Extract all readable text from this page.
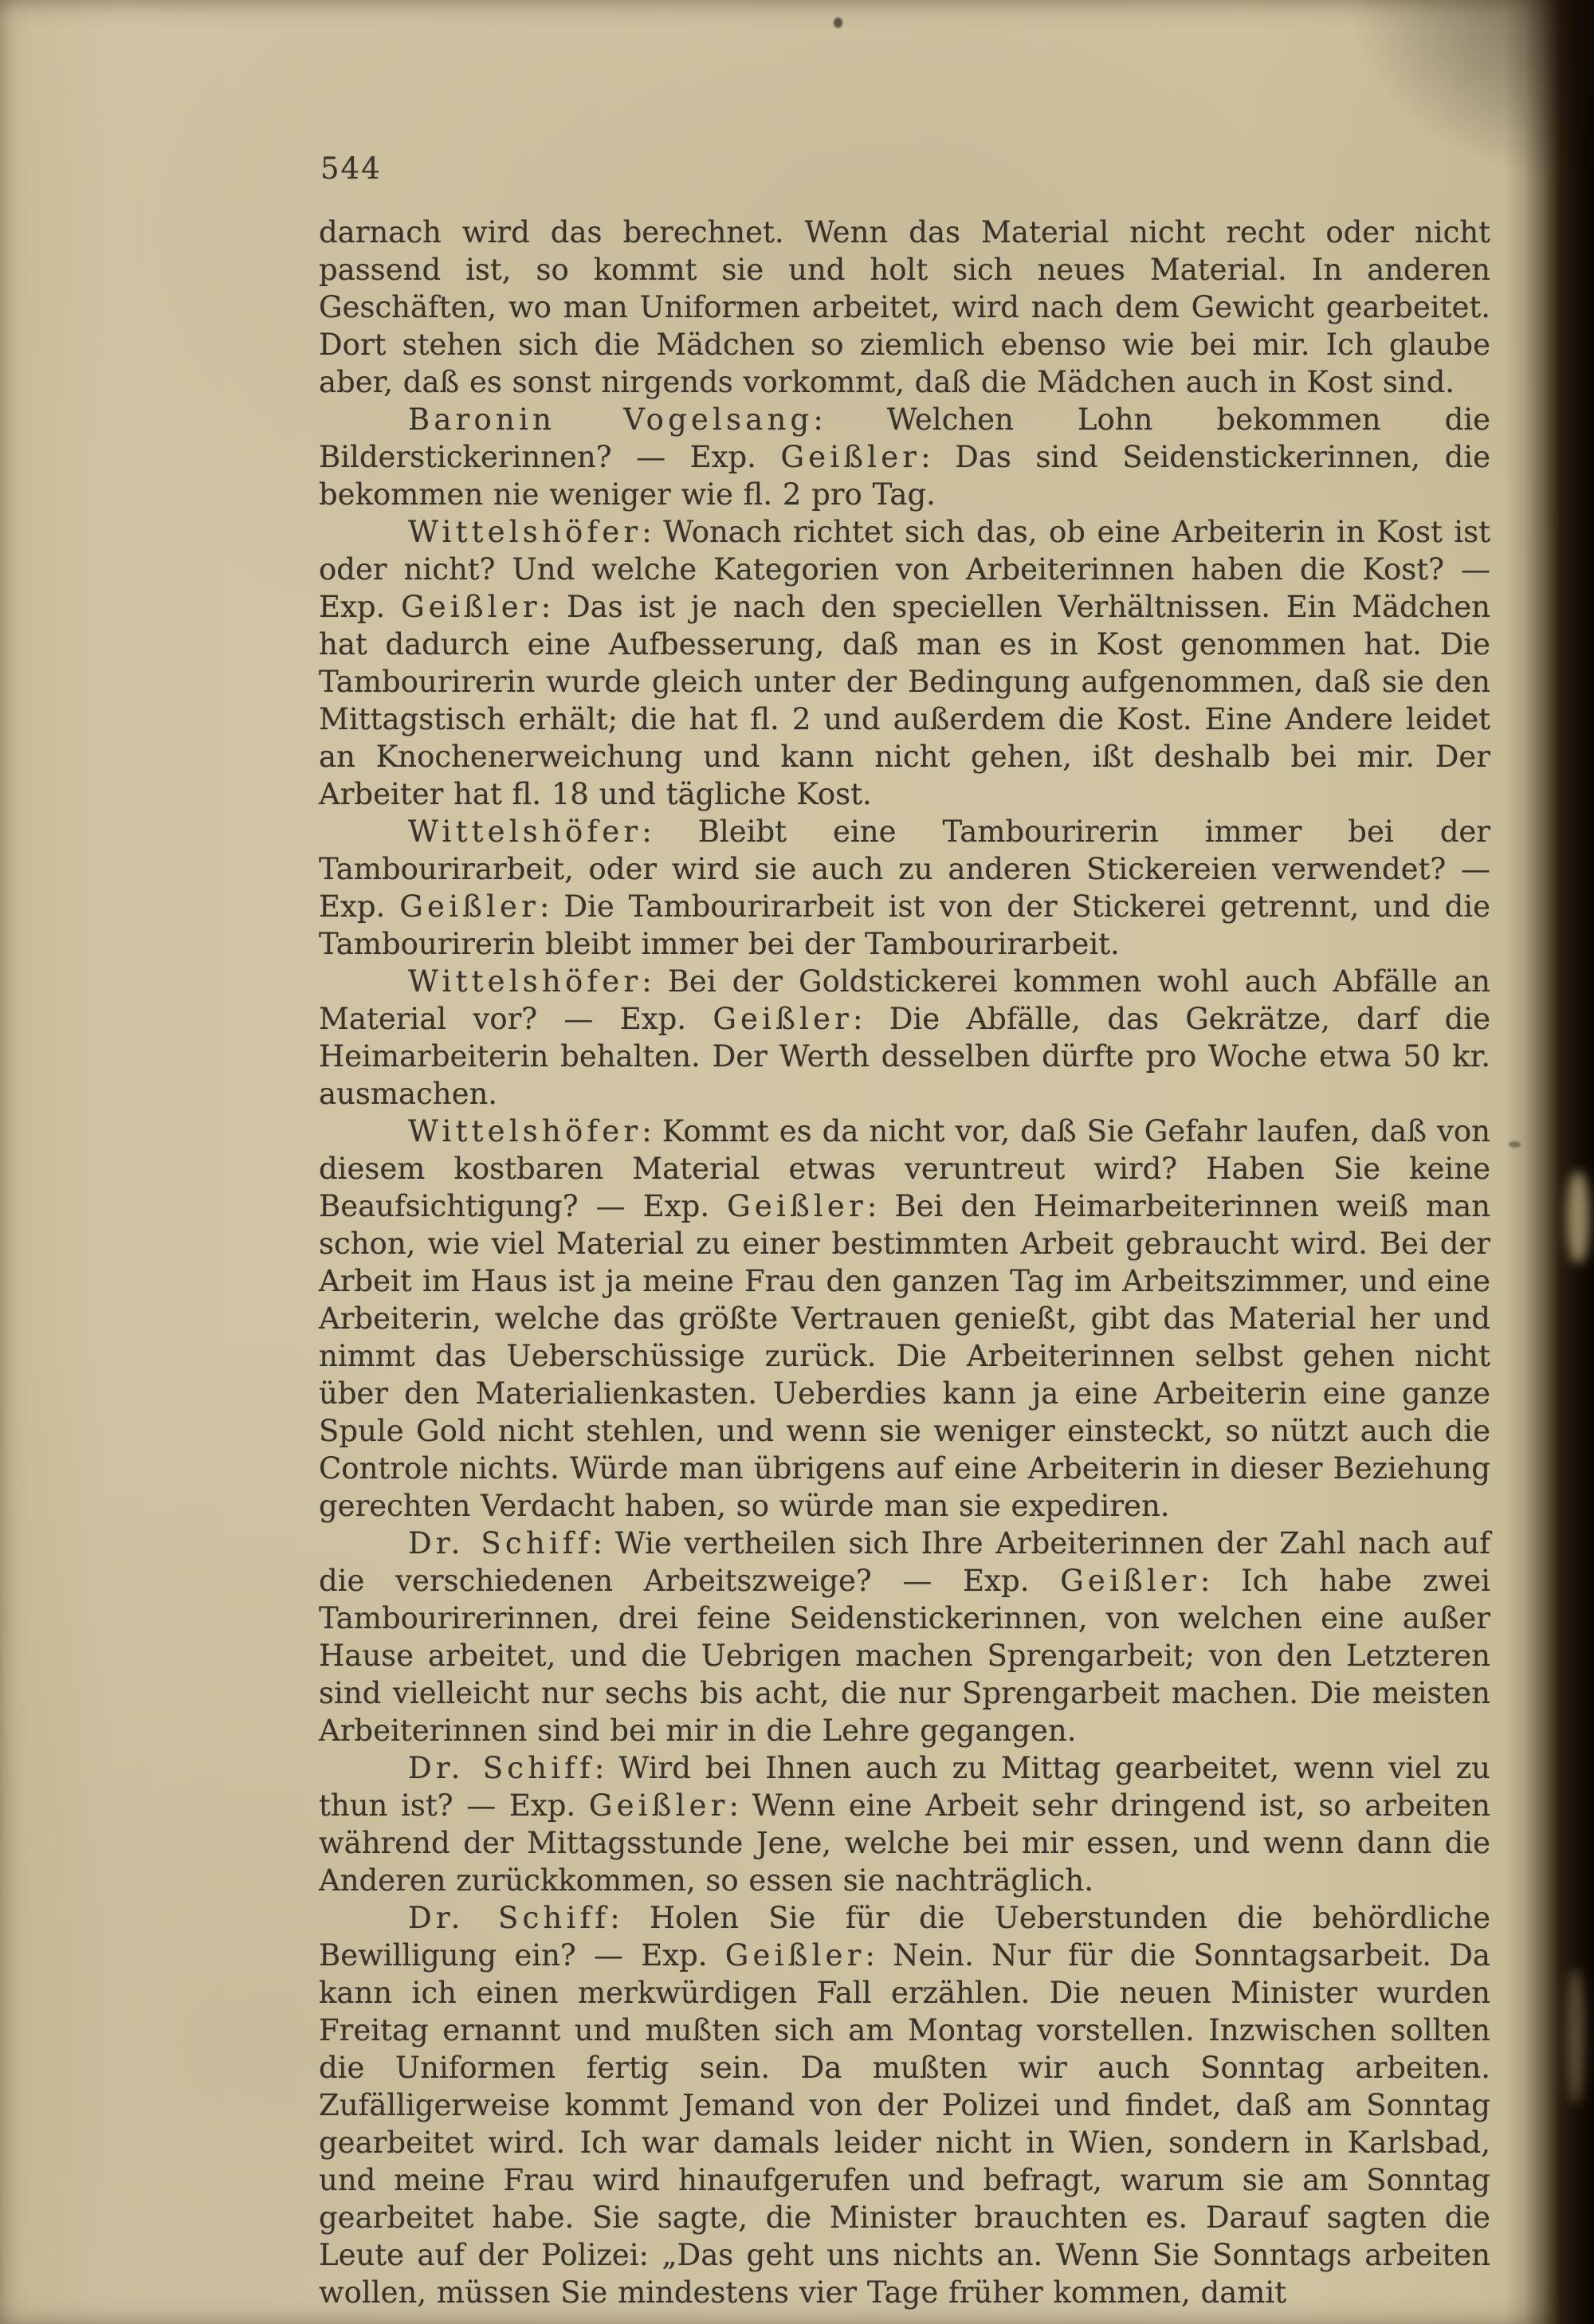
544

darnach wird das berechnet. Wenn das Material nicht recht oder nicht passend ist, so kommt sie und holt sich neues Material. In anderen Geschäften, wo man Uniformen arbeitet, wird nach dem Gewicht gearbeitet. Dort stehen sich die Mädchen so ziemlich ebenso wie bei mir. Ich glaube aber, daß es sonst nirgends vorkommt, daß die Mädchen auch in Kost sind.

Baronin Vogelsang: Welchen Lohn bekommen die Bilderstickerinnen? — Exp. Geißler: Das sind Seidenstickerinnen, die bekommen nie weniger wie fl. 2 pro Tag.

Wittelshöfer: Wonach richtet sich das, ob eine Arbeiterin in Kost ist oder nicht? Und welche Kategorien von Arbeiterinnen haben die Kost? — Exp. Geißler: Das ist je nach den speciellen Verhältnissen. Ein Mädchen hat dadurch eine Aufbesserung, daß man es in Kost genommen hat. Die Tambourirerin wurde gleich unter der Bedingung aufgenommen, daß sie den Mittagstisch erhält; die hat fl. 2 und außerdem die Kost. Eine Andere leidet an Knochenerweichung und kann nicht gehen, ißt deshalb bei mir. Der Arbeiter hat fl. 18 und tägliche Kost.

Wittelshöfer: Bleibt eine Tambourirerin immer bei der Tambourirarbeit, oder wird sie auch zu anderen Stickereien verwendet? — Exp. Geißler: Die Tambourirarbeit ist von der Stickerei getrennt, und die Tambourirerin bleibt immer bei der Tambourirarbeit.

Wittelshöfer: Bei der Goldstickerei kommen wohl auch Abfälle an Material vor? — Exp. Geißler: Die Abfälle, das Gekrätze, darf die Heimarbeiterin behalten. Der Werth desselben dürfte pro Woche etwa 50 kr. ausmachen.

Wittelshöfer: Kommt es da nicht vor, daß Sie Gefahr laufen, daß von diesem kostbaren Material etwas veruntreut wird? Haben Sie keine Beaufsichtigung? — Exp. Geißler: Bei den Heimarbeiterinnen weiß man schon, wie viel Material zu einer bestimmten Arbeit gebraucht wird. Bei der Arbeit im Haus ist ja meine Frau den ganzen Tag im Arbeitszimmer, und eine Arbeiterin, welche das größte Vertrauen genießt, gibt das Material her und nimmt das Ueberschüssige zurück. Die Arbeiterinnen selbst gehen nicht über den Materialienkasten. Ueberdies kann ja eine Arbeiterin eine ganze Spule Gold nicht stehlen, und wenn sie weniger einsteckt, so nützt auch die Controle nichts. Würde man übrigens auf eine Arbeiterin in dieser Beziehung gerechten Verdacht haben, so würde man sie expediren.

Dr. Schiff: Wie vertheilen sich Ihre Arbeiterinnen der Zahl nach auf die verschiedenen Arbeitszweige? — Exp. Geißler: Ich habe zwei Tambourirerinnen, drei feine Seidenstickerinnen, von welchen eine außer Hause arbeitet, und die Uebrigen machen Sprengarbeit; von den Letzteren sind vielleicht nur sechs bis acht, die nur Sprengarbeit machen. Die meisten Arbeiterinnen sind bei mir in die Lehre gegangen.

Dr. Schiff: Wird bei Ihnen auch zu Mittag gearbeitet, wenn viel zu thun ist? — Exp. Geißler: Wenn eine Arbeit sehr dringend ist, so arbeiten während der Mittagsstunde Jene, welche bei mir essen, und wenn dann die Anderen zurückkommen, so essen sie nachträglich.

Dr. Schiff: Holen Sie für die Ueberstunden die behördliche Bewilligung ein? — Exp. Geißler: Nein. Nur für die Sonntagsarbeit. Da kann ich einen merkwürdigen Fall erzählen. Die neuen Minister wurden Freitag ernannt und mußten sich am Montag vorstellen. Inzwischen sollten die Uniformen fertig sein. Da mußten wir auch Sonntag arbeiten. Zufälligerweise kommt Jemand von der Polizei und findet, daß am Sonntag gearbeitet wird. Ich war damals leider nicht in Wien, sondern in Karlsbad, und meine Frau wird hinaufgerufen und befragt, warum sie am Sonntag gearbeitet habe. Sie sagte, die Minister brauchten es. Darauf sagten die Leute auf der Polizei: „Das geht uns nichts an. Wenn Sie Sonntags arbeiten wollen, müssen Sie mindestens vier Tage früher kommen, damit
